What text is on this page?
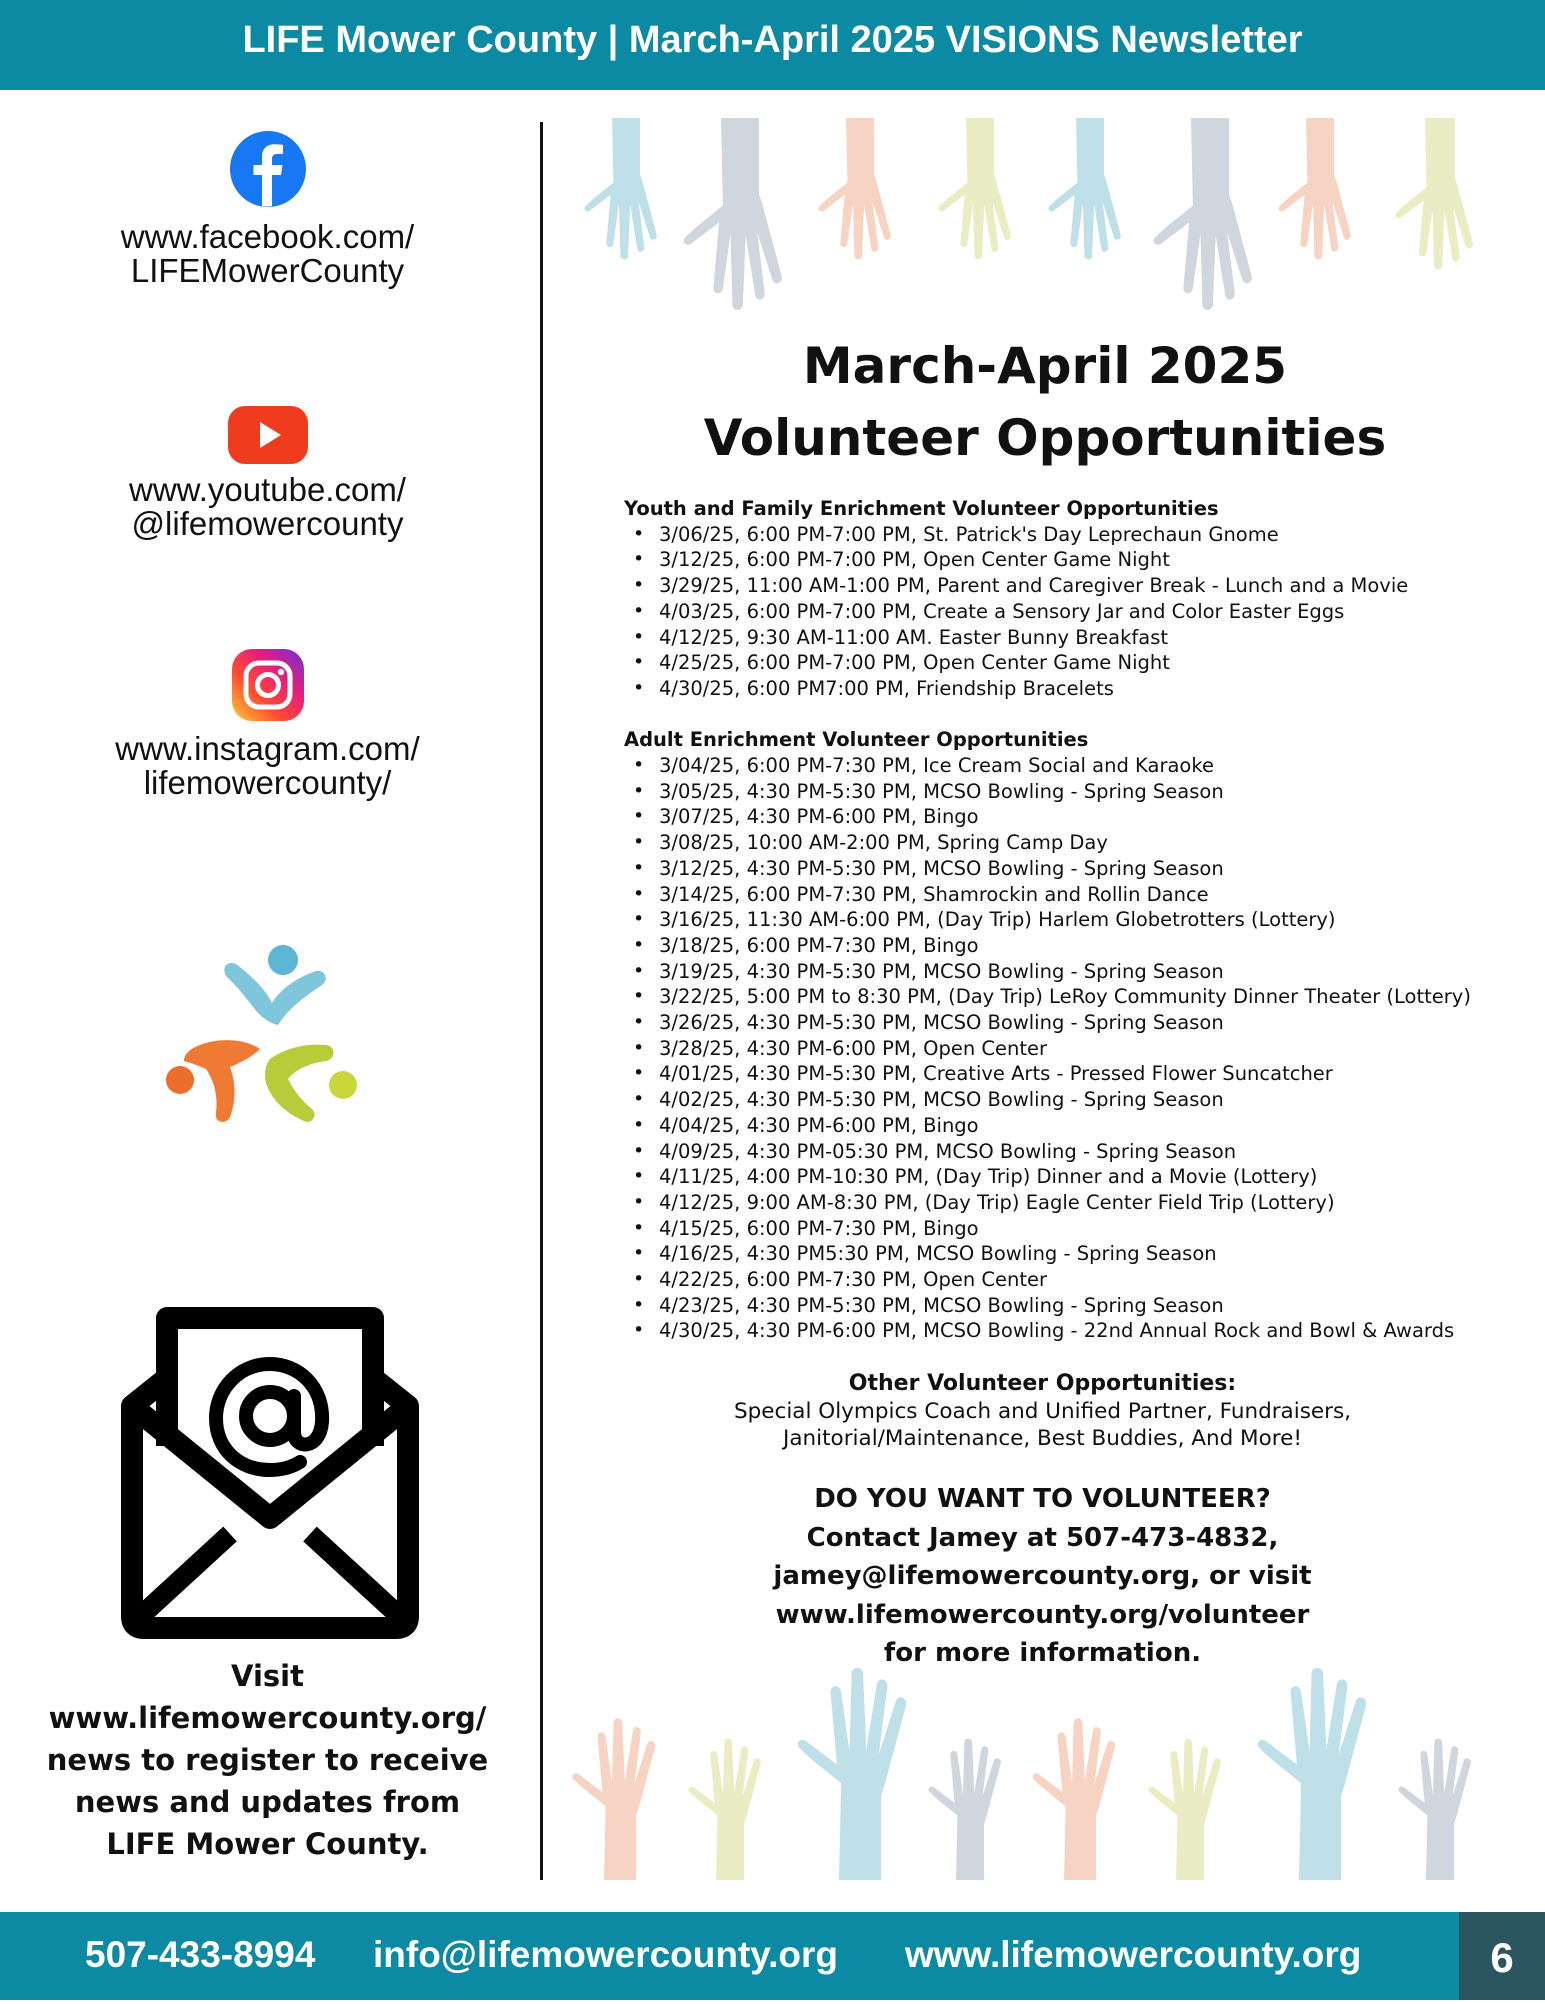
LIFE Mower County | March-April 2025 VISIONS Newsletter
www.facebook.com/
LIFEMowerCounty
www.youtube.com/
@lifemowercounty
www.instagram.com/
lifemowercounty/
Visit
www.lifemowercounty.org/
news to register to receive
news and updates from
LIFE Mower County.
March-April 2025
Volunteer Opportunities
Youth and Family Enrichment Volunteer Opportunities
• 3/06/25, 6:00 PM-7:00 PM, St. Patrick's Day Leprechaun Gnome
• 3/12/25, 6:00 PM-7:00 PM, Open Center Game Night
• 3/29/25, 11:00 AM-1:00 PM, Parent and Caregiver Break - Lunch and a Movie
• 4/03/25, 6:00 PM-7:00 PM, Create a Sensory Jar and Color Easter Eggs
• 4/12/25, 9:30 AM-11:00 AM. Easter Bunny Breakfast
• 4/25/25, 6:00 PM-7:00 PM, Open Center Game Night
• 4/30/25, 6:00 PM7:00 PM, Friendship Bracelets
Adult Enrichment Volunteer Opportunities
• 3/04/25, 6:00 PM-7:30 PM, Ice Cream Social and Karaoke
• 3/05/25, 4:30 PM-5:30 PM, MCSO Bowling - Spring Season
• 3/07/25, 4:30 PM-6:00 PM, Bingo
• 3/08/25, 10:00 AM-2:00 PM, Spring Camp Day
• 3/12/25, 4:30 PM-5:30 PM, MCSO Bowling - Spring Season
• 3/14/25, 6:00 PM-7:30 PM, Shamrockin and Rollin Dance
• 3/16/25, 11:30 AM-6:00 PM, (Day Trip) Harlem Globetrotters (Lottery)
• 3/18/25, 6:00 PM-7:30 PM, Bingo
• 3/19/25, 4:30 PM-5:30 PM, MCSO Bowling - Spring Season
• 3/22/25, 5:00 PM to 8:30 PM, (Day Trip) LeRoy Community Dinner Theater (Lottery)
• 3/26/25, 4:30 PM-5:30 PM, MCSO Bowling - Spring Season
• 3/28/25, 4:30 PM-6:00 PM, Open Center
• 4/01/25, 4:30 PM-5:30 PM, Creative Arts - Pressed Flower Suncatcher
• 4/02/25, 4:30 PM-5:30 PM, MCSO Bowling - Spring Season
• 4/04/25, 4:30 PM-6:00 PM, Bingo
• 4/09/25, 4:30 PM-05:30 PM, MCSO Bowling - Spring Season
• 4/11/25, 4:00 PM-10:30 PM, (Day Trip) Dinner and a Movie (Lottery)
• 4/12/25, 9:00 AM-8:30 PM, (Day Trip) Eagle Center Field Trip (Lottery)
• 4/15/25, 6:00 PM-7:30 PM, Bingo
• 4/16/25, 4:30 PM5:30 PM, MCSO Bowling - Spring Season
• 4/22/25, 6:00 PM-7:30 PM, Open Center
• 4/23/25, 4:30 PM-5:30 PM, MCSO Bowling - Spring Season
• 4/30/25, 4:30 PM-6:00 PM, MCSO Bowling - 22nd Annual Rock and Bowl & Awards
Other Volunteer Opportunities:
Special Olympics Coach and Unified Partner, Fundraisers,
Janitorial/Maintenance, Best Buddies, And More!
DO YOU WANT TO VOLUNTEER?
Contact Jamey at 507-473-4832,
jamey@lifemowercounty.org, or visit
www.lifemowercounty.org/volunteer
for more information.
507-433-8994 info@lifemowercounty.org www.lifemowercounty.org	6
